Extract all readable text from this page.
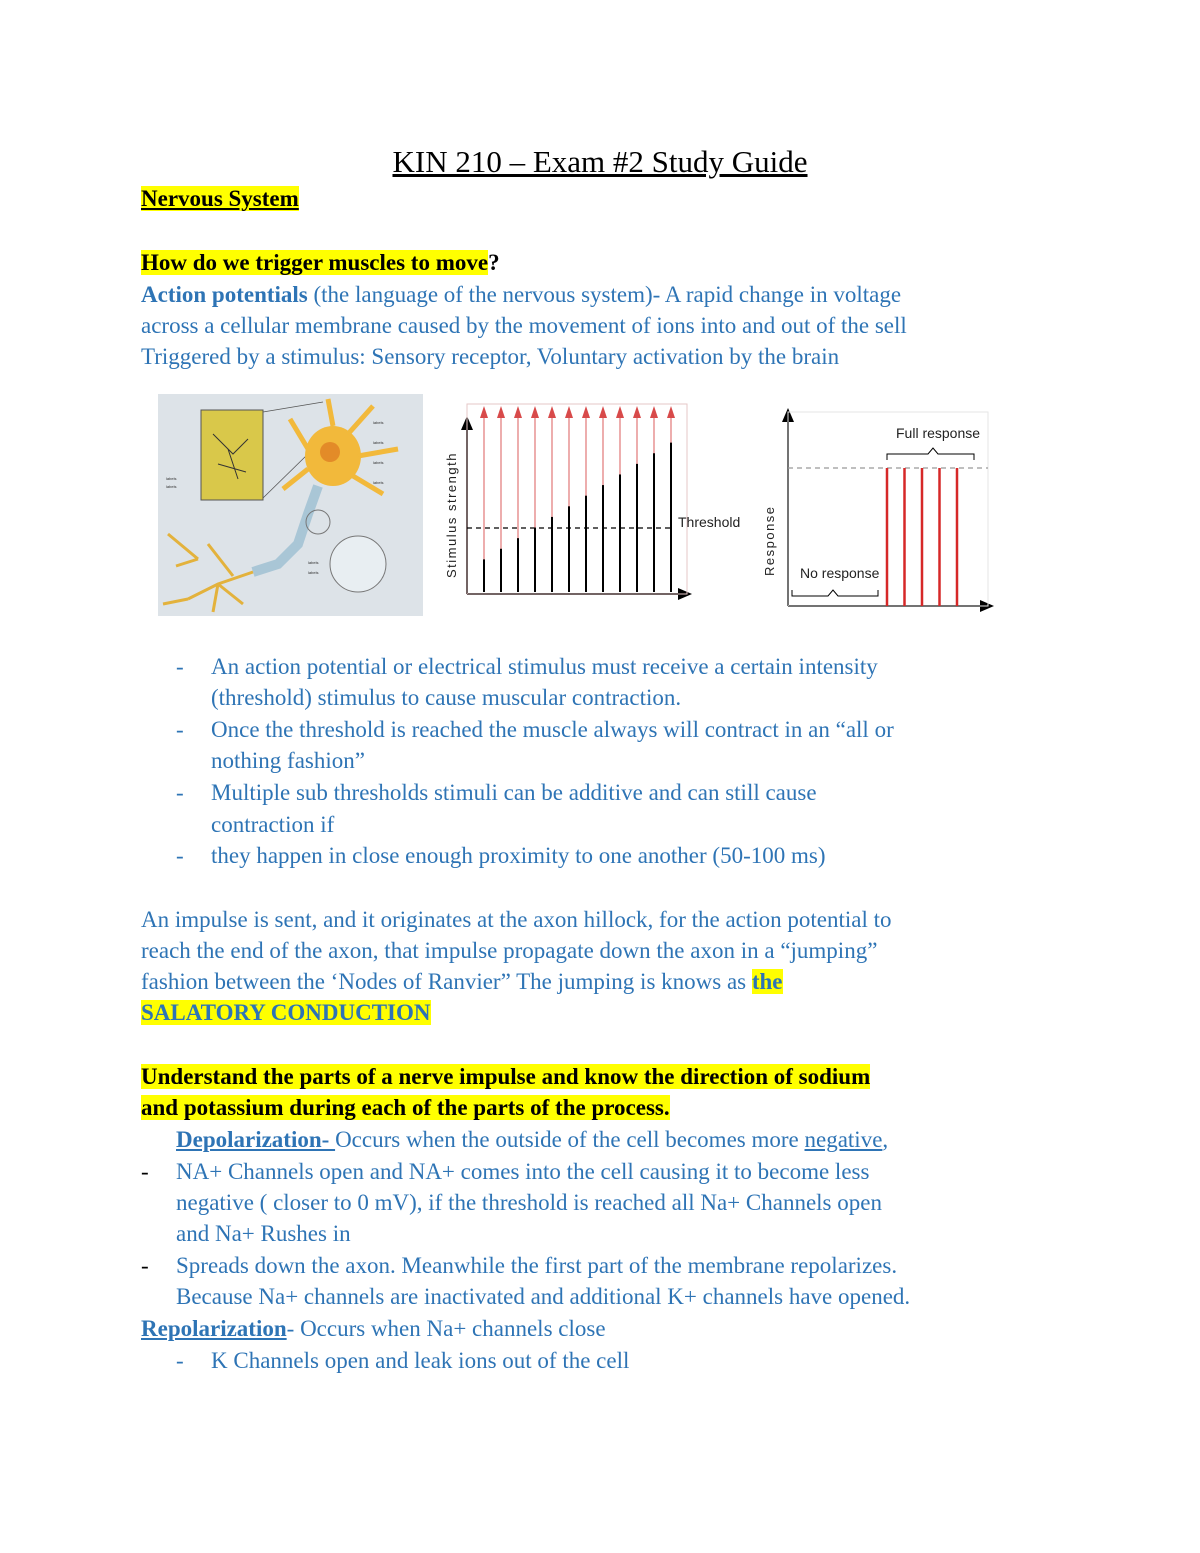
KIN 210 – Exam #2 Study Guide
Nervous System
How do we trigger muscles to move?
Action potentials (the language of the nervous system)- A rapid change in voltage
across a cellular membrane caused by the movement of ions into and out of the sell
Triggered by a stimulus: Sensory receptor, Voluntary activation by the brain
labels
labels
labels
labels
labels
labels
labels
labels	Stimulus strength	Threshold Response
Full response
No response
- An action potential or electrical stimulus must receive a certain intensity
(threshold) stimulus to cause muscular contraction.
- Once the threshold is reached the muscle always will contract in an “all or
nothing fashion”
- Multiple sub thresholds stimuli can be additive and can still cause
contraction if
- they happen in close enough proximity to one another (50-100 ms)
An impulse is sent, and it originates at the axon hillock, for the action potential to
reach the end of the axon, that impulse propagate down the axon in a “jumping”
fashion between the ‘Nodes of Ranvier” The jumping is knows as the
SALATORY CONDUCTION
Understand the parts of a nerve impulse and know the direction of sodium
and potassium during each of the parts of the process.
Depolarization- Occurs when the outside of the cell becomes more negative,
- NA+ Channels open and NA+ comes into the cell causing it to become less
negative ( closer to 0 mV), if the threshold is reached all Na+ Channels open
and Na+ Rushes in
- Spreads down the axon. Meanwhile the first part of the membrane repolarizes.
Because Na+ channels are inactivated and additional K+ channels have opened.
Repolarization- Occurs when Na+ channels close
- K Channels open and leak ions out of the cell
